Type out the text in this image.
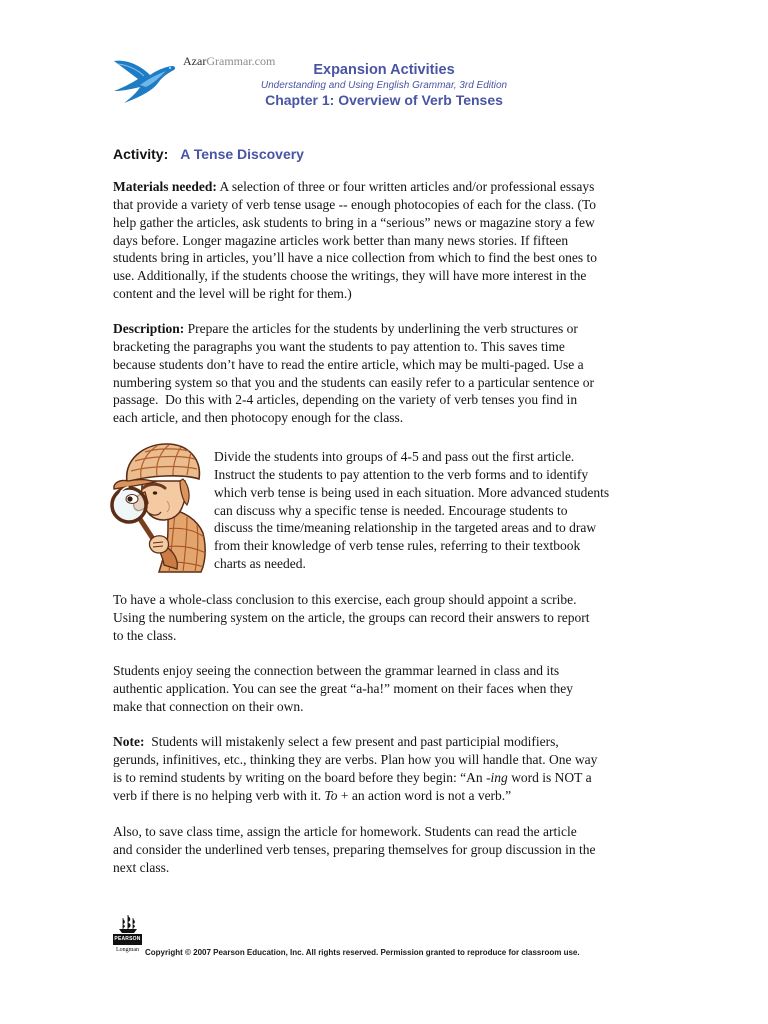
AzarGrammar.com
Expansion Activities
Understanding and Using English Grammar, 3rd Edition
Chapter 1: Overview of Verb Tenses
Activity: A Tense Discovery
Materials needed: A selection of three or four written articles and/or professional essays
that provide a variety of verb tense usage -- enough photocopies of each for the class. (To
help gather the articles, ask students to bring in a “serious” news or magazine story a few
days before. Longer magazine articles work better than many news stories. If fifteen
students bring in articles, you’ll have a nice collection from which to find the best ones to
use. Additionally, if the students choose the writings, they will have more interest in the
content and the level will be right for them.)
Description: Prepare the articles for the students by underlining the verb structures or
bracketing the paragraphs you want the students to pay attention to. This saves time
because students don’t have to read the entire article, which may be multi-paged. Use a
numbering system so that you and the students can easily refer to a particular sentence or
passage.  Do this with 2-4 articles, depending on the variety of verb tenses you find in
each article, and then photocopy enough for the class.
Divide the students into groups of 4-5 and pass out the first article.
Instruct the students to pay attention to the verb forms and to identify
which verb tense is being used in each situation. More advanced students
can discuss why a specific tense is needed. Encourage students to
discuss the time/meaning relationship in the targeted areas and to draw
from their knowledge of verb tense rules, referring to their textbook
charts as needed.
To have a whole-class conclusion to this exercise, each group should appoint a scribe.
Using the numbering system on the article, the groups can record their answers to report
to the class.
Students enjoy seeing the connection between the grammar learned in class and its
authentic application. You can see the great “a-ha!” moment on their faces when they
make that connection on their own.
Note: Students will mistakenly select a few present and past participial modifiers,
gerunds, infinitives, etc., thinking they are verbs. Plan how you will handle that. One way
is to remind students by writing on the board before they begin: “An -ing word is NOT a
verb if there is no helping verb with it. To + an action word is not a verb.”
Also, to save class time, assign the article for homework. Students can read the article
and consider the underlined verb tenses, preparing themselves for group discussion in the
next class.
PEARSON
Longman Copyright © 2007 Pearson Education, Inc. All rights reserved. Permission granted to reproduce for classroom use.
